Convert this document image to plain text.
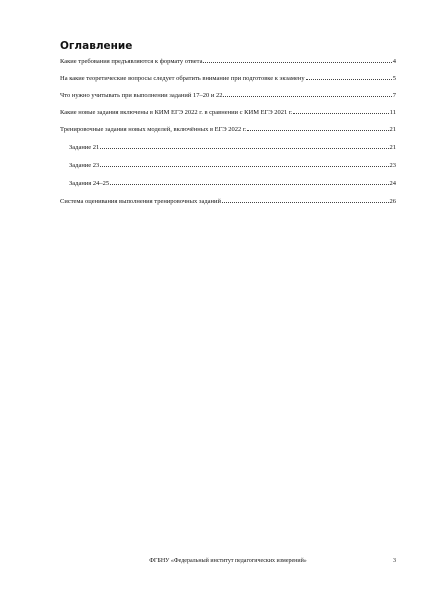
Оглавление
Какие требования предъявляются к формату ответа	4
На какие теоретические вопросы следует обратить внимание при подготовке к экзамену	5
Что нужно учитывать при выполнении заданий 17–20 и 22	7
Какие новые задания включены в КИМ ЕГЭ 2022 г. в сравнении с КИМ ЕГЭ 2021 г.	11
Тренировочные задания новых моделей, включённых в ЕГЭ 2022 г.	21
Задание 21	21
Задание 23	23
Задания 24–25	24
Система оценивания выполнения тренировочных заданий	26
ФГБНУ «Федеральный институт педагогических измерений»	3
